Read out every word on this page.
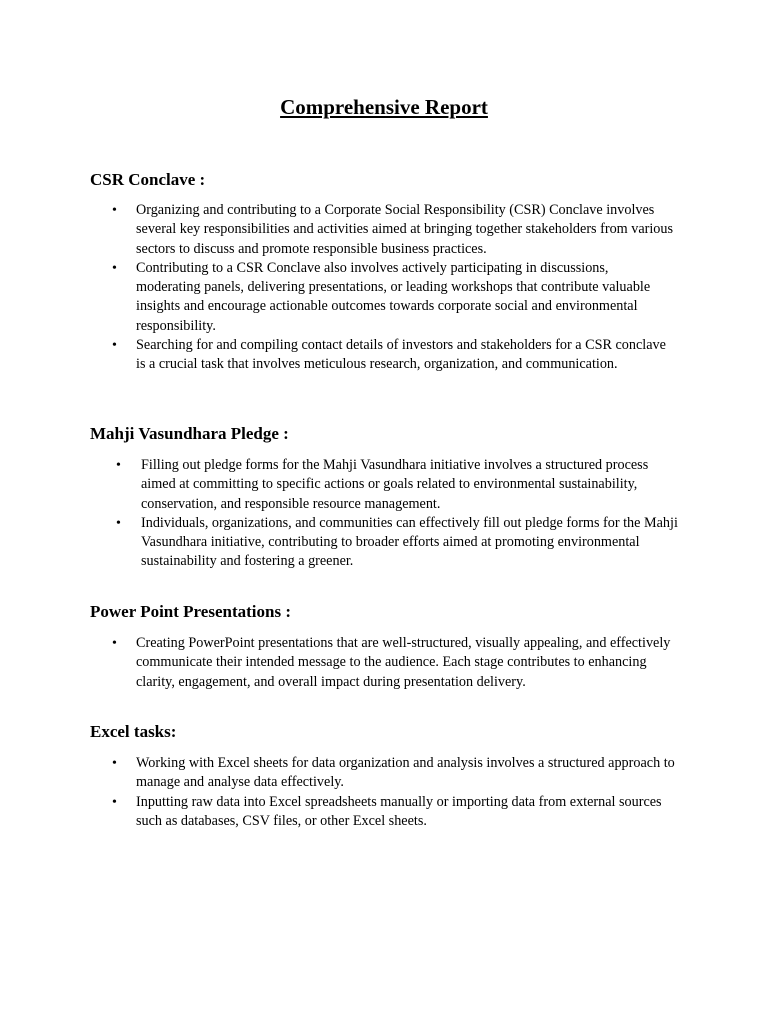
Comprehensive Report
CSR Conclave :
• Organizing and contributing to a Corporate Social Responsibility (CSR) Conclave involves several key responsibilities and activities aimed at bringing together stakeholders from various sectors to discuss and promote responsible business practices.
• Contributing to a CSR Conclave also involves actively participating in discussions, moderating panels, delivering presentations, or leading workshops that contribute valuable insights and encourage actionable outcomes towards corporate social and environmental responsibility.
• Searching for and compiling contact details of investors and stakeholders for a CSR conclave is a crucial task that involves meticulous research, organization, and communication.
Mahji Vasundhara Pledge :
• Filling out pledge forms for the Mahji Vasundhara initiative involves a structured process aimed at committing to specific actions or goals related to environmental sustainability, conservation, and responsible resource management.
• Individuals, organizations, and communities can effectively fill out pledge forms for the Mahji Vasundhara initiative, contributing to broader efforts aimed at promoting environmental sustainability and fostering a greener.
Power Point Presentations :
• Creating PowerPoint presentations that are well-structured, visually appealing, and effectively communicate their intended message to the audience. Each stage contributes to enhancing clarity, engagement, and overall impact during presentation delivery.
Excel tasks:
• Working with Excel sheets for data organization and analysis involves a structured approach to manage and analyse data effectively.
• Inputting raw data into Excel spreadsheets manually or importing data from external sources such as databases, CSV files, or other Excel sheets.
